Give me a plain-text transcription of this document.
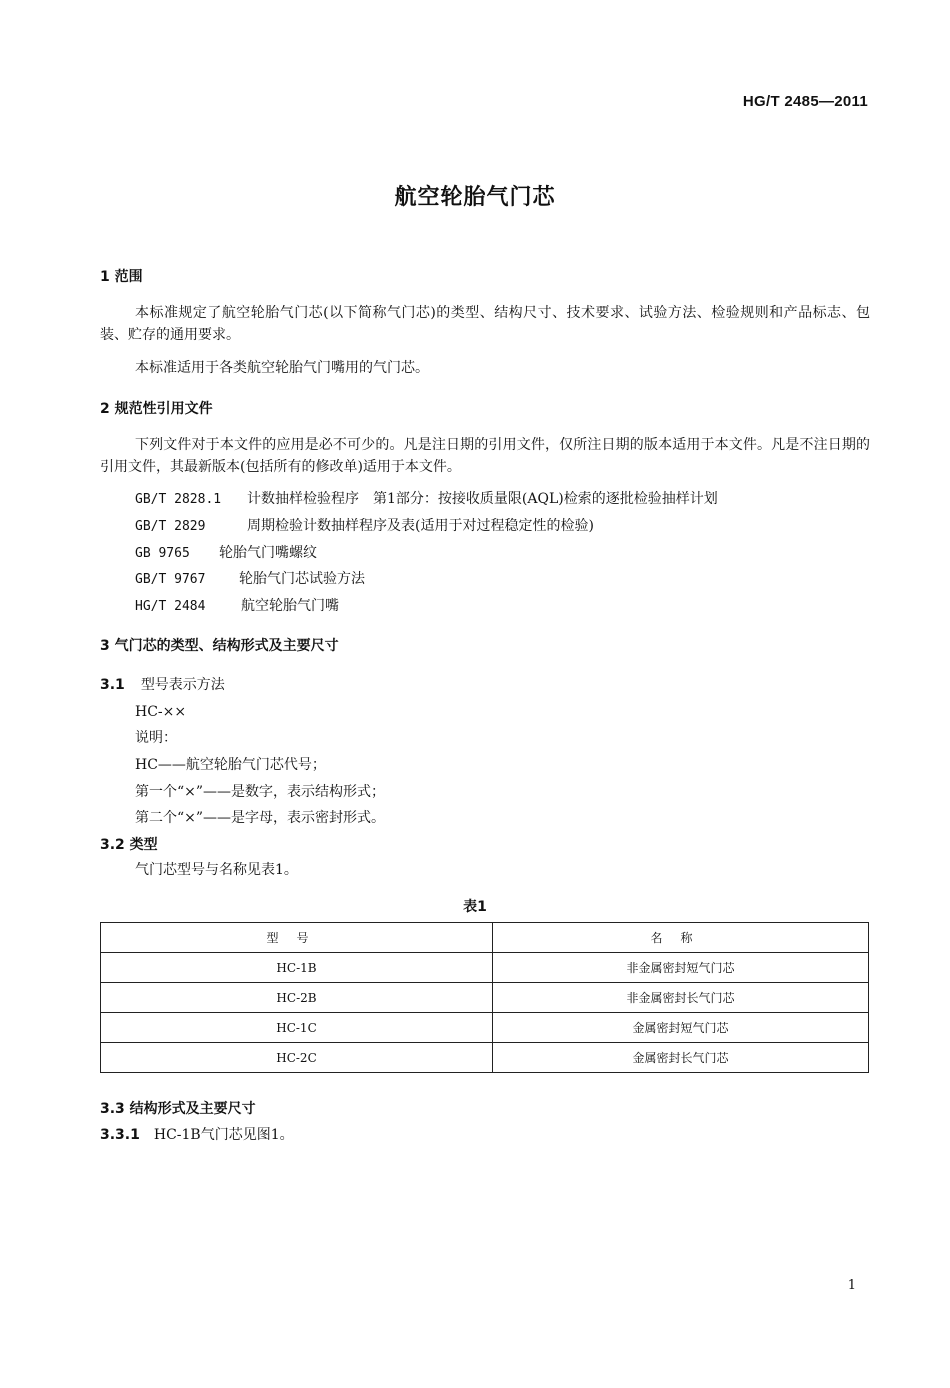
HG/T 2485—2011
航空轮胎气门芯
1 范围
本标准规定了航空轮胎气门芯(以下简称气门芯)的类型、结构尺寸、技术要求、试验方法、检验规则和产品标志、包装、贮存的通用要求。
本标准适用于各类航空轮胎气门嘴用的气门芯。
2 规范性引用文件
下列文件对于本文件的应用是必不可少的。凡是注日期的引用文件，仅所注日期的版本适用于本文件。凡是不注日期的引用文件，其最新版本(包括所有的修改单)适用于本文件。
GB/T 2828.1 计数抽样检验程序　第1部分：按接收质量限(AQL)检索的逐批检验抽样计划
GB/T 2829	周期检验计数抽样程序及表(适用于对过程稳定性的检验)
GB 9765 轮胎气门嘴螺纹
GB/T 9767 轮胎气门芯试验方法
HG/T 2484	航空轮胎气门嘴
3 气门芯的类型、结构形式及主要尺寸
3.1 型号表示方法
HC-××
说明：
HC——航空轮胎气门芯代号；
第一个“×”——是数字，表示结构形式；
第二个“×”——是字母，表示密封形式。
3.2 类型
气门芯型号与名称见表1。
表1
型号	名称
HC-1B	非金属密封短气门芯
HC-2B	非金属密封长气门芯
HC-1C	金属密封短气门芯
HC-2C	金属密封长气门芯
3.3 结构形式及主要尺寸
3.3.1 HC-1B气门芯见图1。
1
